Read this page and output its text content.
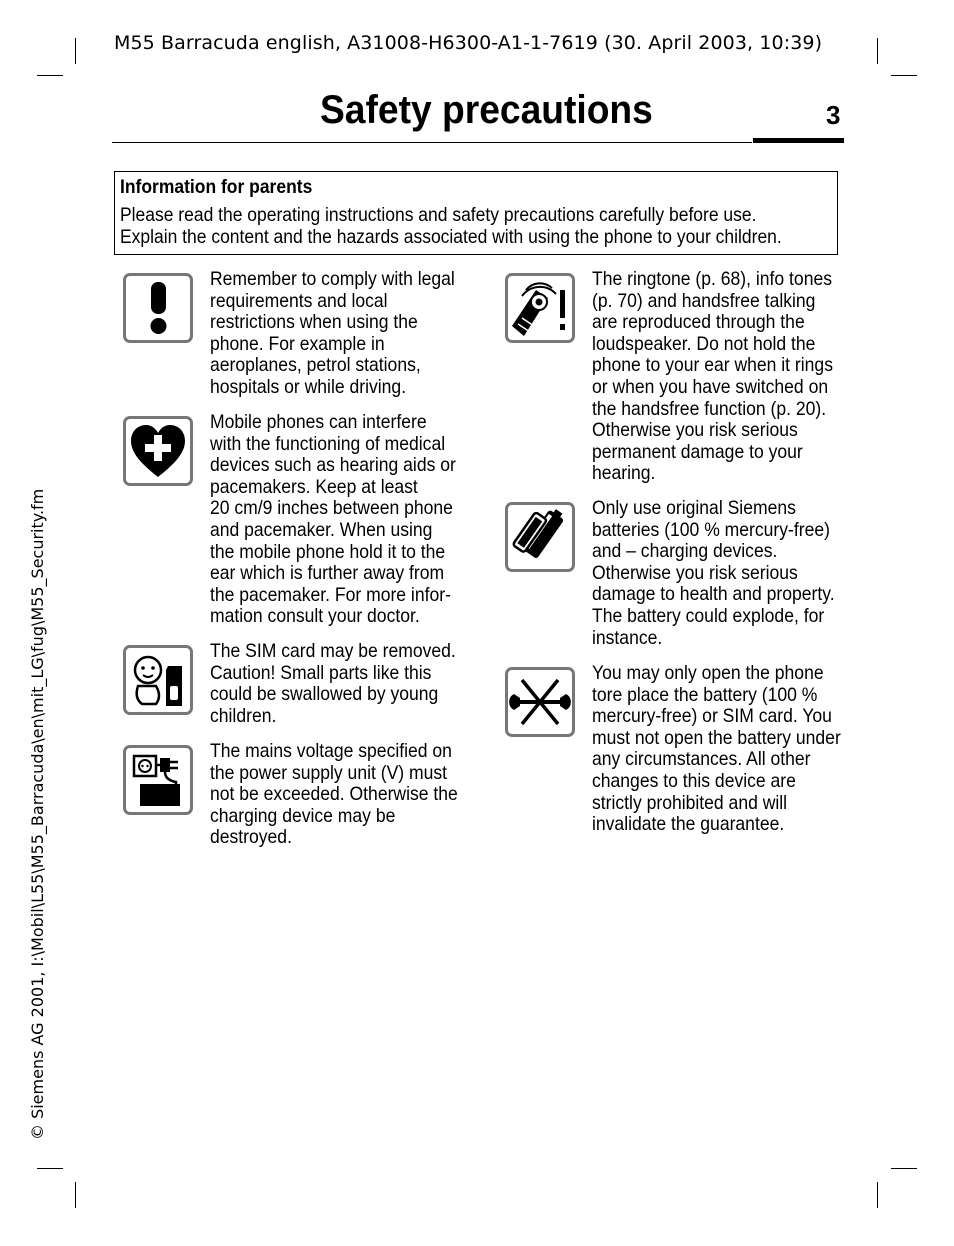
M55 Barracuda english, A31008-H6300-A1-1-7619 (30. April 2003, 10:39)
Safety precautions	3
Information for parents
Please read the operating instructions and safety precautions carefully before use.
Explain the content and the hazards associated with using the phone to your children.
Remember to comply with legal
requirements and local
restrictions when using the
phone. For example in
aeroplanes, petrol stations,
hospitals or while driving.
Mobile phones can interfere
with the functioning of medical
devices such as hearing aids or
pacemakers. Keep at least
20 cm/9 inches between phone
and pacemaker. When using
the mobile phone hold it to the
ear which is further away from
the pacemaker. For more infor-
mation consult your doctor.
The SIM card may be removed.
Caution! Small parts like this
could be swallowed by young
children.
The mains voltage specified on
the power supply unit (V) must
not be exceeded. Otherwise the
charging device may be
destroyed.
The ringtone (p. 68), info tones
(p. 70) and handsfree talking
are reproduced through the
loudspeaker. Do not hold the
phone to your ear when it rings
or when you have switched on
the handsfree function (p. 20).
Otherwise you risk serious
permanent damage to your
hearing.
Only use original Siemens
batteries (100 % mercury-free)
and – charging devices.
Otherwise you risk serious
damage to health and property.
The battery could explode, for
instance.
You may only open the phone
tore place the battery (100 %
mercury-free) or SIM card. You
must not open the battery under
any circumstances. All other
changes to this device are
strictly prohibited and will
invalidate the guarantee.
© Siemens AG 2001, I:\Mobil\L55\M55_Barracuda\en\mit_LG\fug\M55_Security.fm
